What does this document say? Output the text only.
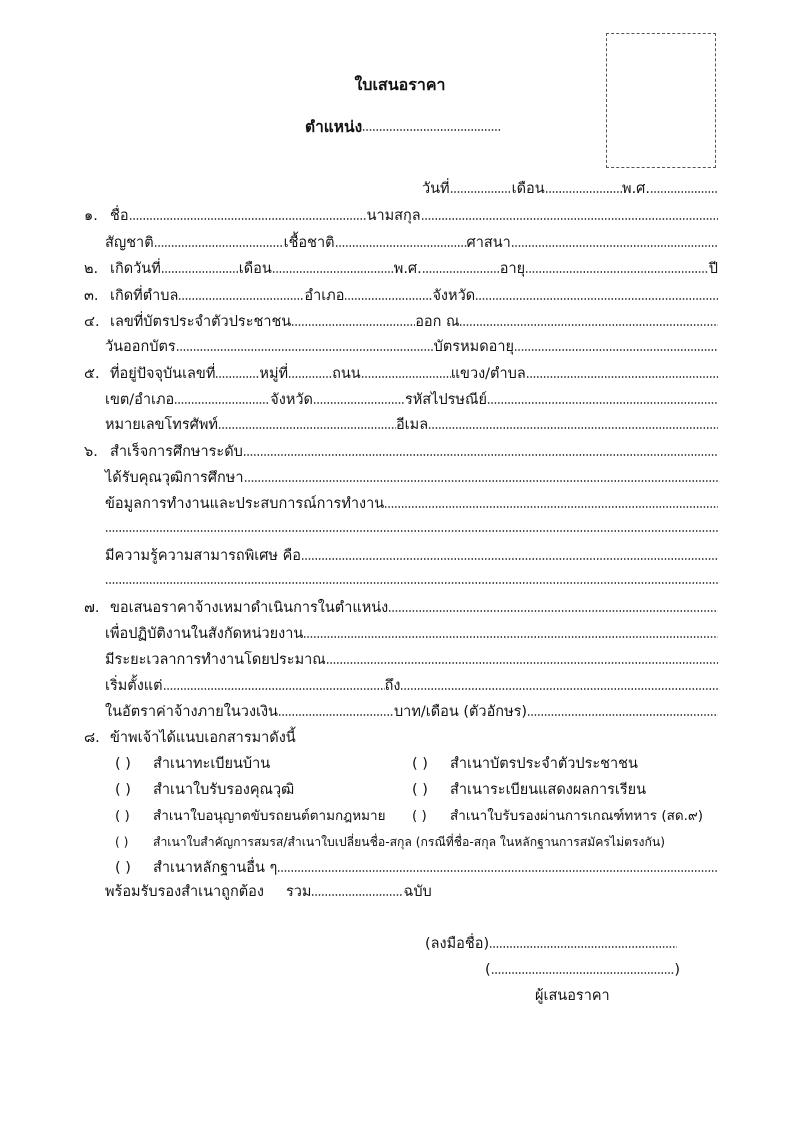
ใบเสนอราคา
ตำแหน่ง
วันที่	เดือน	พ.ศ.
๑. ชื่อ	นามสกุล
สัญชาติ	เชื้อชาติ	ศาสนา
๒. เกิดวันที่	เดือน	พ.ศ.	อายุ	ปี
๓. เกิดที่ตำบล	อำเภอ	จังหวัด
๔. เลขที่บัตรประจำตัวประชาชน	ออก ณ
วันออกบัตร	บัตรหมดอายุ
๕. ที่อยู่ปัจจุบันเลขที่	หมู่ที่	ถนน	แขวง/ตำบล
เขต/อำเภอ	จังหวัด	รหัสไปรษณีย์
หมายเลขโทรศัพท์	อีเมล
๖. สำเร็จการศึกษาระดับ
ได้รับคุณวุฒิการศึกษา
ข้อมูลการทำงานและประสบการณ์การทำงาน
มีความรู้ความสามารถพิเศษ คือ
๗. ขอเสนอราคาจ้างเหมาดำเนินการในตำแหน่ง
เพื่อปฏิบัติงานในสังกัดหน่วยงาน
มีระยะเวลาการทำงานโดยประมาณ
เริ่มตั้งแต่	ถึง
ในอัตราค่าจ้างภายในวงเงิน	บาท/เดือน (ตัวอักษร)
๘. ข้าพเจ้าได้แนบเอกสารมาดังนี้
( )	สำเนาทะเบียนบ้าน	( )	สำเนาบัตรประจำตัวประชาชน
( )	สำเนาใบรับรองคุณวุฒิ	( )	สำเนาระเบียนแสดงผลการเรียน
( )	สำเนาใบอนุญาตขับรถยนต์ตามกฎหมาย ( )	สำเนาใบรับรองผ่านการเกณฑ์ทหาร (สด.๙)
( )	สำเนาใบสำคัญการสมรส/สำเนาใบเปลี่ยนชื่อ-สกุล (กรณีที่ชื่อ-สกุล ในหลักฐานการสมัครไม่ตรงกัน)
( )	สำเนาหลักฐานอื่น ๆ
พร้อมรับรองสำเนาถูกต้อง รวม	ฉบับ
(ลงมือชื่อ)
(	)
ผู้เสนอราคา
